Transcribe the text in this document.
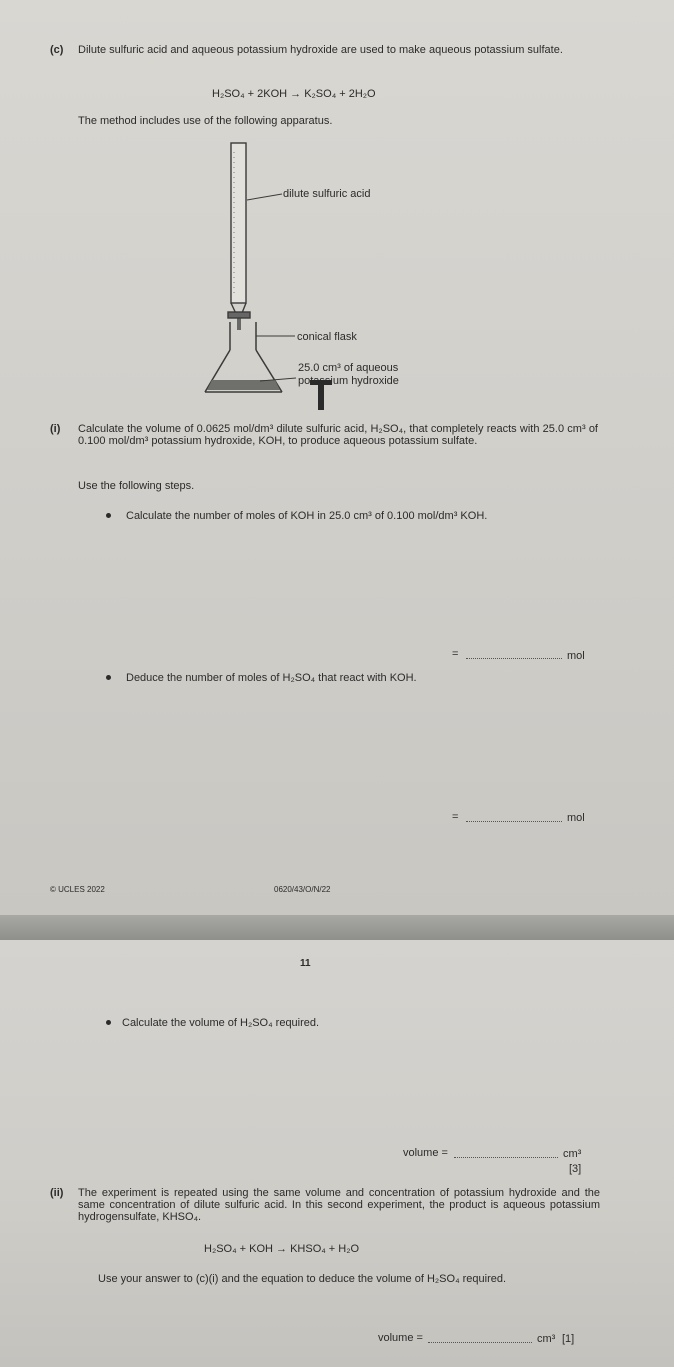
(c) Dilute sulfuric acid and aqueous potassium hydroxide are used to make aqueous potassium sulfate.
H₂SO₄ + 2KOH → K₂SO₄ + 2H₂O
The method includes use of the following apparatus.
dilute sulfuric acid
conical flask
25.0 cm³ of aqueous
potassium hydroxide
(i) Calculate the volume of 0.0625 mol/dm³ dilute sulfuric acid, H₂SO₄, that completely reacts with 25.0 cm³ of 0.100 mol/dm³ potassium hydroxide, KOH, to produce aqueous potassium sulfate.
Use the following steps.
Calculate the number of moles of KOH in 25.0 cm³ of 0.100 mol/dm³ KOH.
=	mol
Deduce the number of moles of H₂SO₄ that react with KOH.
=	mol
© UCLES 2022	0620/43/O/N/22
11
Calculate the volume of H₂SO₄ required.
volume =	cm³
[3]
(ii) The experiment is repeated using the same volume and concentration of potassium hydroxide and the same concentration of dilute sulfuric acid. In this second experiment, the product is aqueous potassium hydrogensulfate, KHSO₄.
H₂SO₄ + KOH → KHSO₄ + H₂O
Use your answer to (c)(i) and the equation to deduce the volume of H₂SO₄ required.
volume =	cm³ [1]
